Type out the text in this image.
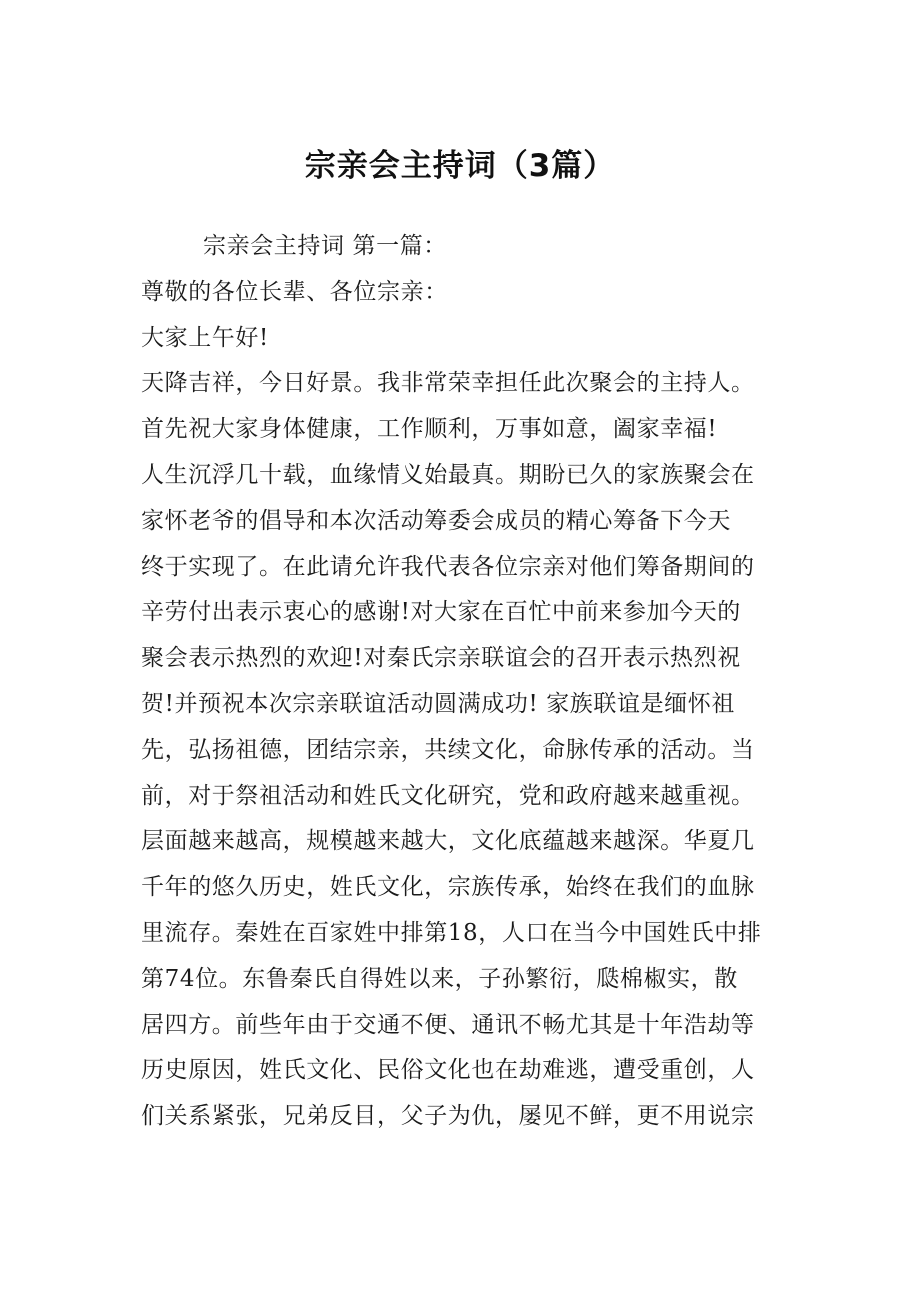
宗亲会主持词（3篇）
宗亲会主持词 第一篇：
尊敬的各位长辈、各位宗亲：
大家上午好!
天降吉祥，今日好景。我非常荣幸担任此次聚会的主持人。
首先祝大家身体健康，工作顺利，万事如意，阖家幸福!
人生沉浮几十载，血缘情义始最真。期盼已久的家族聚会在
家怀老爷的倡导和本次活动筹委会成员的精心筹备下今天
终于实现了。在此请允许我代表各位宗亲对他们筹备期间的
辛劳付出表示衷心的感谢!对大家在百忙中前来参加今天的
聚会表示热烈的欢迎!对秦氏宗亲联谊会的召开表示热烈祝
贺!并预祝本次宗亲联谊活动圆满成功! 家族联谊是缅怀祖
先，弘扬祖德，团结宗亲，共续文化，命脉传承的活动。当
前，对于祭祖活动和姓氏文化研究，党和政府越来越重视。
层面越来越高，规模越来越大，文化底蕴越来越深。华夏几
千年的悠久历史，姓氏文化，宗族传承，始终在我们的血脉
里流存。秦姓在百家姓中排第18，人口在当今中国姓氏中排
第74位。东鲁秦氏自得姓以来，子孙繁衍，瓞棉椒实，散
居四方。前些年由于交通不便、通讯不畅尤其是十年浩劫等
历史原因，姓氏文化、民俗文化也在劫难逃，遭受重创，人
们关系紧张，兄弟反目，父子为仇，屡见不鲜，更不用说宗
